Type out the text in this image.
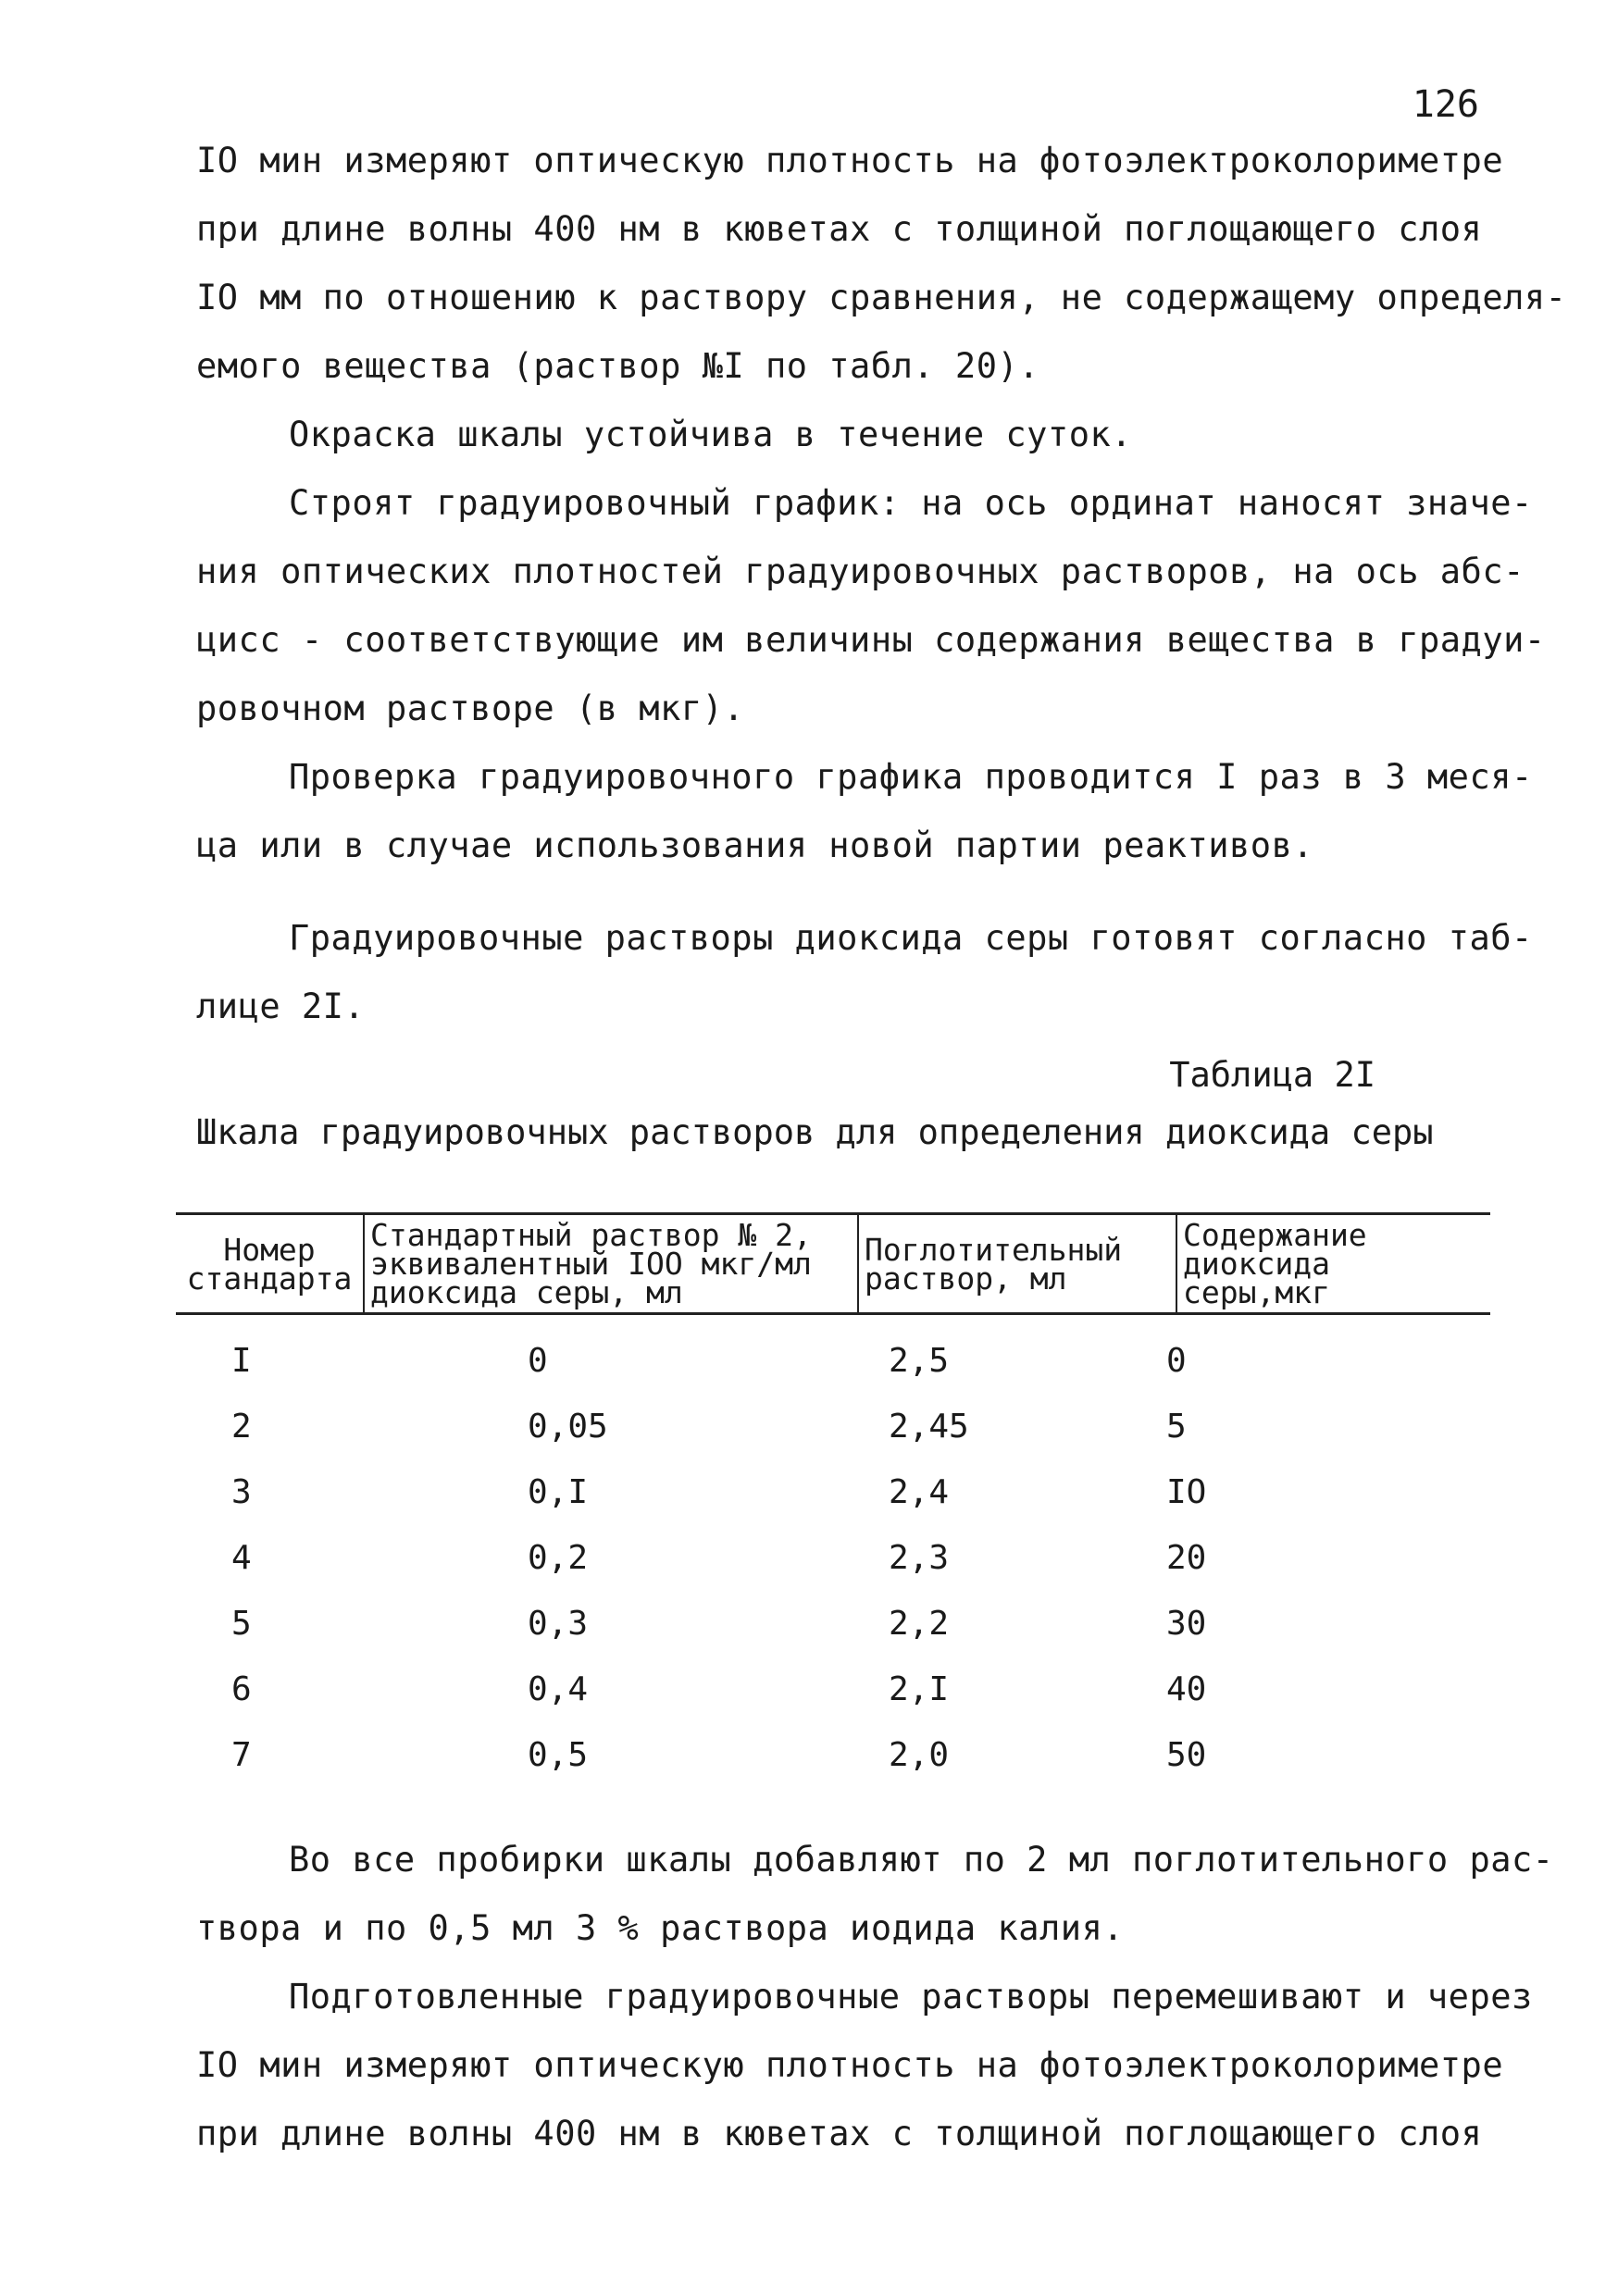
126
IO мин измеряют оптическую плотность на фотоэлектроколориметре
при длине волны 400 нм в кюветах с толщиной поглощающего слоя
IO мм по отношению к раствору сравнения, не содержащему определя-
емого вещества (раствор №I по табл. 20).
Окраска шкалы устойчива в течение суток.
Строят градуировочный график: на ось ординат наносят значе-
ния оптических плотностей градуировочных растворов, на ось абс-
цисс - соответствующие им величины содержания вещества в градуи-
ровочном растворе (в мкг).
Проверка градуировочного графика проводится I раз в 3 меся-
ца или в случае использования новой партии реактивов.
Градуировочные растворы диоксида серы готовят согласно таб-
лице 2I.
Таблица 2I
Шкала градуировочных растворов для определения диоксида серы
Номер стандарта	Стандартный раствор № 2, эквивалентный IOO мкг/мл диоксида серы, мл	Поглотительный раствор, мл	Содержание диоксида серы,мкг
I	0	2,5	0
2	0,05	2,45	5
3	0,I	2,4	IO
4	0,2	2,3	20
5	0,3	2,2	30
6	0,4	2,I	40
7	0,5	2,0	50
Во все пробирки шкалы добавляют по 2 мл поглотительного рас-
твора и по 0,5 мл 3 % раствора иодида калия.
Подготовленные градуировочные растворы перемешивают и через
IO мин измеряют оптическую плотность на фотоэлектроколориметре
при длине волны 400 нм в кюветах с толщиной поглощающего слоя
